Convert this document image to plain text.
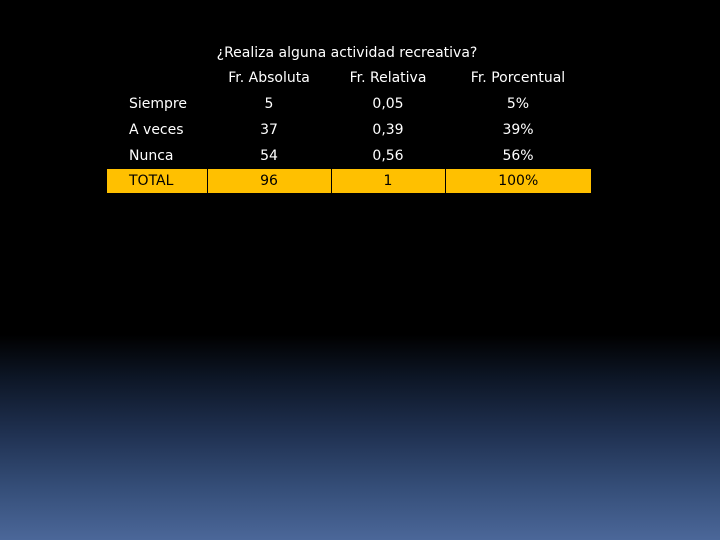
¿Realiza alguna actividad recreativa?
	Fr. Absoluta	Fr. Relativa	Fr. Porcentual
Siempre	5	0,05	5%
A veces	37	0,39	39%
Nunca	54	0,56	56%
TOTAL	96	1	100%
